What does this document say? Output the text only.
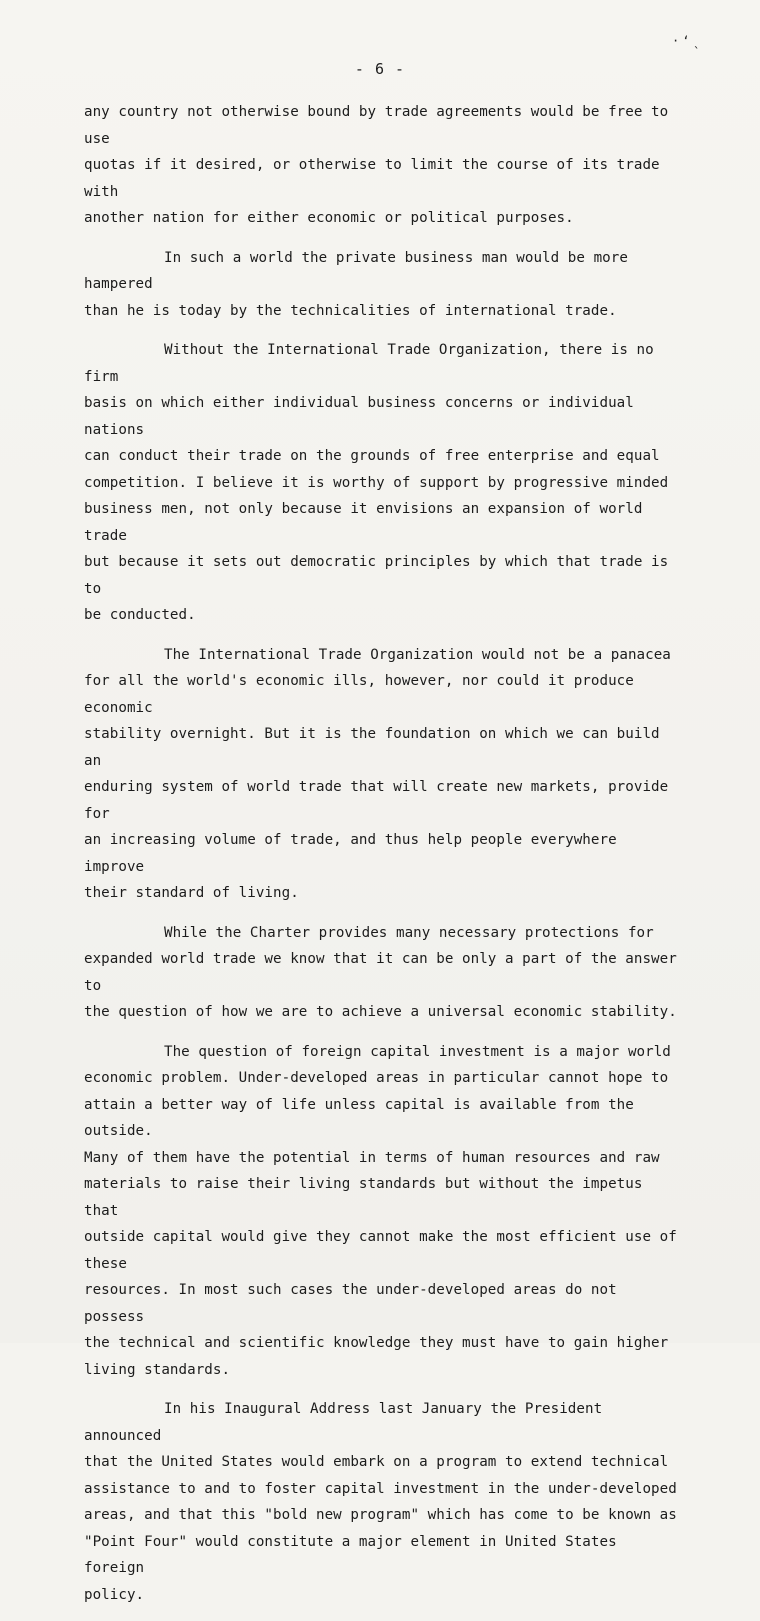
·‘ˎ
- 6 -

any country not otherwise bound by trade agreements would be free to use
quotas if it desired, or otherwise to limit the course of its trade with
another nation for either economic or political purposes.

In such a world the private business man would be more hampered
than he is today by the technicalities of international trade.

Without the International Trade Organization, there is no firm
basis on which either individual business concerns or individual nations
can conduct their trade on the grounds of free enterprise and equal
competition. I believe it is worthy of support by progressive minded
business men, not only because it envisions an expansion of world trade
but because it sets out democratic principles by which that trade is to
be conducted.

The International Trade Organization would not be a panacea
for all the world's economic ills, however, nor could it produce economic
stability overnight. But it is the foundation on which we can build an
enduring system of world trade that will create new markets, provide for
an increasing volume of trade, and thus help people everywhere improve
their standard of living.

While the Charter provides many necessary protections for
expanded world trade we know that it can be only a part of the answer to
the question of how we are to achieve a universal economic stability.

The question of foreign capital investment is a major world
economic problem. Under-developed areas in particular cannot hope to
attain a better way of life unless capital is available from the outside.
Many of them have the potential in terms of human resources and raw
materials to raise their living standards but without the impetus that
outside capital would give they cannot make the most efficient use of these
resources. In most such cases the under-developed areas do not possess
the technical and scientific knowledge they must have to gain higher
living standards.

In his Inaugural Address last January the President announced
that the United States would embark on a program to extend technical
assistance to and to foster capital investment in the under-developed
areas, and that this "bold new program" which has come to be known as
"Point Four" would constitute a major element in United States foreign
policy.
